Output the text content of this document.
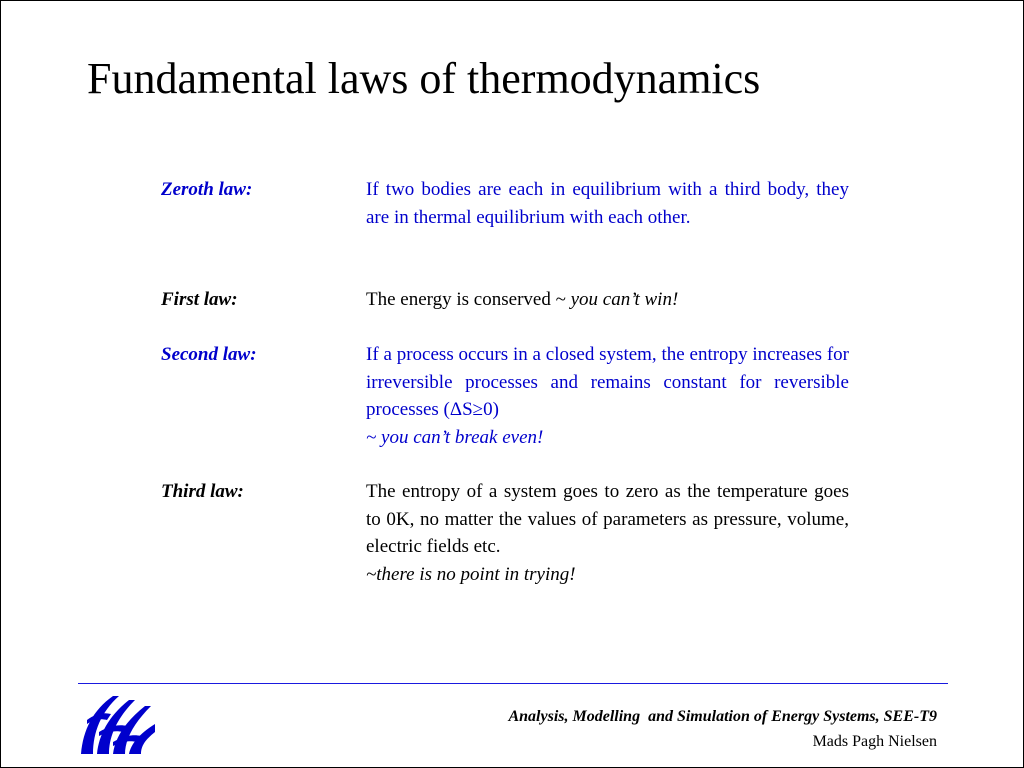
Fundamental laws of thermodynamics
Zeroth law:	If two bodies are each in equilibrium with a third body, they are in thermal equilibrium with each other.

First law:	The energy is conserved ~ you can’t win!

Second law:	If a process occurs in a closed system, the entropy increases for irreversible processes and remains constant for reversible processes (ΔS≥0)

~ you can’t break even!

Third law:	The entropy of a system goes to zero as the temperature goes to 0K, no matter the values of parameters as pressure, volume, electric fields etc.

~there is no point in trying!

Analysis, Modelling  and Simulation of Energy Systems, SEE-T9
Mads Pagh Nielsen
